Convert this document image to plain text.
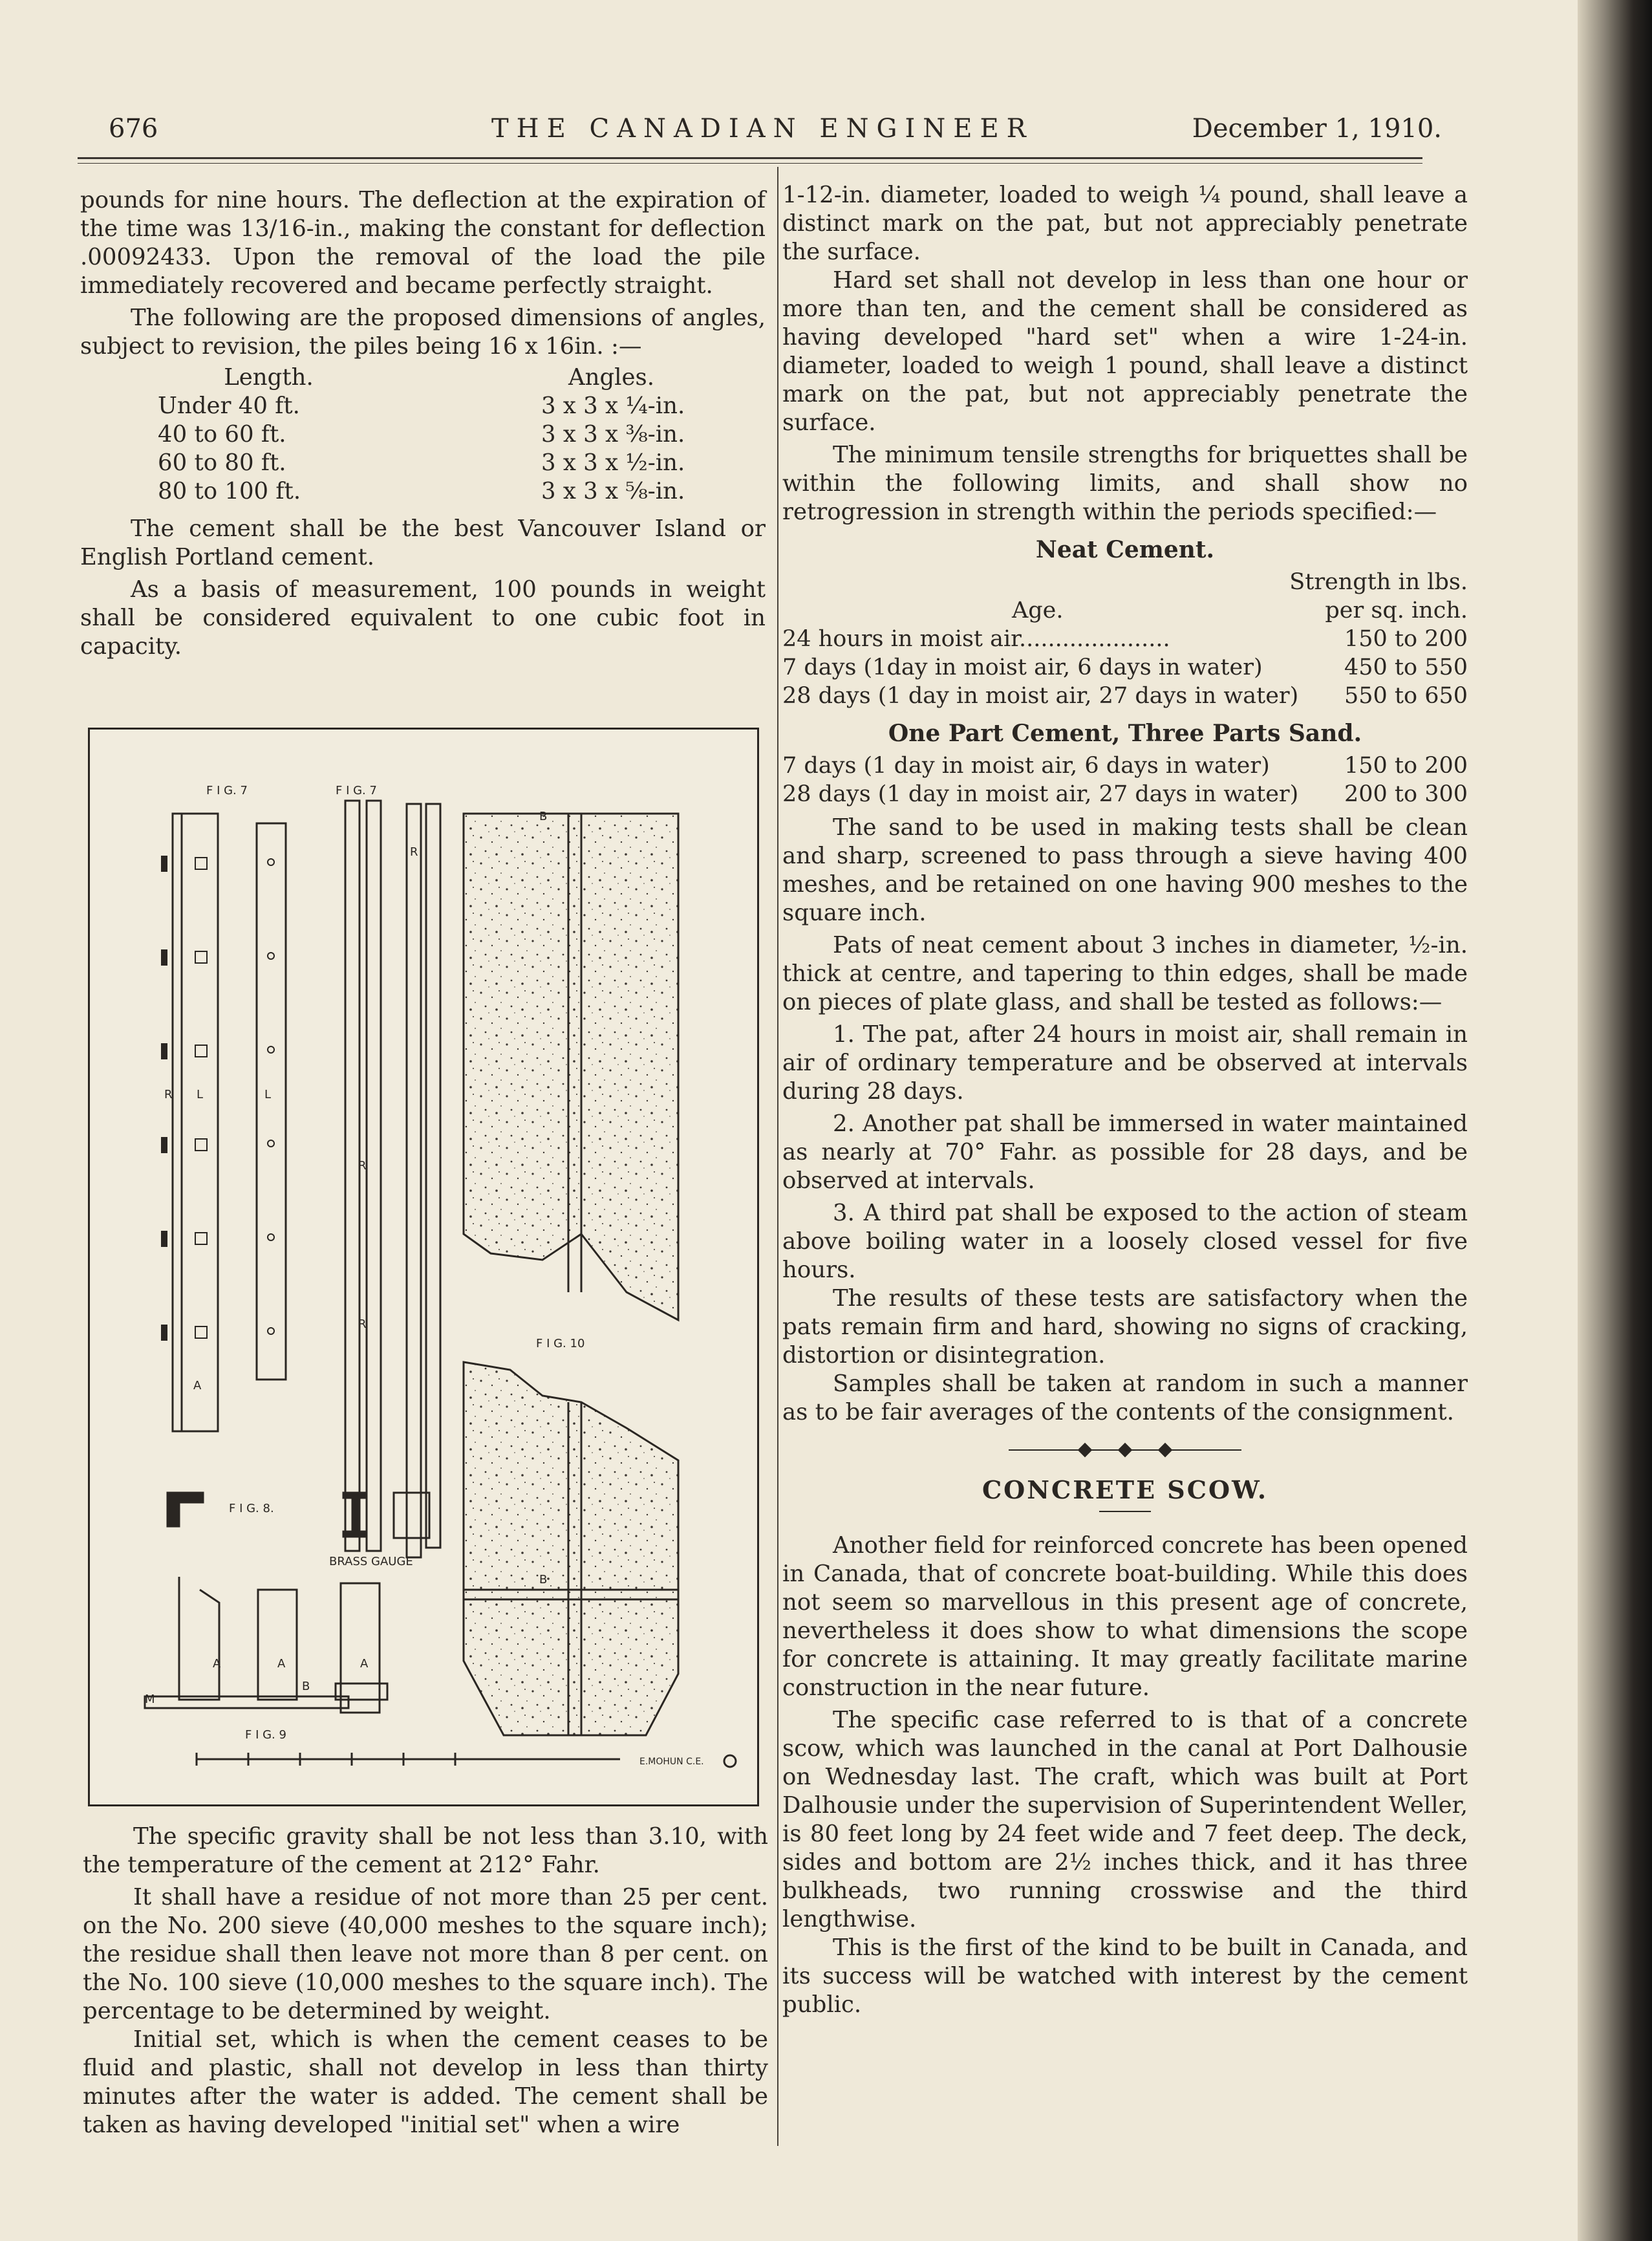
676	THE CANADIAN ENGINEER	December 1, 1910.

pounds for nine hours. The deflection at the expiration of the time was 13/16-in., making the constant for deflection .00092433. Upon the removal of the load the pile immediately recovered and became perfectly straight.

The following are the proposed dimensions of angles, subject to revision, the piles being 16 x 16in. :—

Length.	Angles.
Under 40 ft.	3 x 3 x ¼-in.
40 to 60 ft.	3 x 3 x ⅜-in.
60 to 80 ft.	3 x 3 x ½-in.
80 to 100 ft.	3 x 3 x ⅝-in.

The cement shall be the best Vancouver Island or English Portland cement.

As a basis of measurement, 100 pounds in weight shall be considered equivalent to one cubic foot in capacity.

F I G. 7	F I G. 7
F I G. 8.
F I G. 9
F I G. 10
BRASS GAUGE
E.MOHUN C.E.
R L	L
A
R
R
R
A	A	A
B
M
B
B

The specific gravity shall be not less than 3.10, with the temperature of the cement at 212° Fahr.

It shall have a residue of not more than 25 per cent. on the No. 200 sieve (40,000 meshes to the square inch); the residue shall then leave not more than 8 per cent. on the No. 100 sieve (10,000 meshes to the square inch). The percentage to be determined by weight.

Initial set, which is when the cement ceases to be fluid and plastic, shall not develop in less than thirty minutes after the water is added. The cement shall be taken as having developed "initial set" when a wire

1-12-in. diameter, loaded to weigh ¼ pound, shall leave a distinct mark on the pat, but not appreciably penetrate the surface.

Hard set shall not develop in less than one hour or more than ten, and the cement shall be considered as having developed "hard set" when a wire 1-24-in. diameter, loaded to weigh 1 pound, shall leave a distinct mark on the pat, but not appreciably penetrate the surface.

The minimum tensile strengths for briquettes shall be within the following limits, and shall show no retrogression in strength within the periods specified:—

Neat Cement.

	Strength in lbs.
Age.	per sq. inch.
24 hours in moist air.....................	150 to 200
7 days (1day in moist air, 6 days in water)	450 to 550
28 days (1 day in moist air, 27 days in water)	550 to 650

One Part Cement, Three Parts Sand.

7 days (1 day in moist air, 6 days in water)	150 to 200
28 days (1 day in moist air, 27 days in water)	200 to 300

The sand to be used in making tests shall be clean and sharp, screened to pass through a sieve having 400 meshes, and be retained on one having 900 meshes to the square inch.

Pats of neat cement about 3 inches in diameter, ½-in. thick at centre, and tapering to thin edges, shall be made on pieces of plate glass, and shall be tested as follows:—

1. The pat, after 24 hours in moist air, shall remain in air of ordinary temperature and be observed at intervals during 28 days.

2. Another pat shall be immersed in water maintained as nearly at 70° Fahr. as possible for 28 days, and be observed at intervals.

3. A third pat shall be exposed to the action of steam above boiling water in a loosely closed vessel for five hours.

The results of these tests are satisfactory when the pats remain firm and hard, showing no signs of cracking, distortion or disintegration.

Samples shall be taken at random in such a manner as to be fair averages of the contents of the consignment.

CONCRETE SCOW.

Another field for reinforced concrete has been opened in Canada, that of concrete boat-building. While this does not seem so marvellous in this present age of concrete, nevertheless it does show to what dimensions the scope for concrete is attaining. It may greatly facilitate marine construction in the near future.

The specific case referred to is that of a concrete scow, which was launched in the canal at Port Dalhousie on Wednesday last. The craft, which was built at Port Dalhousie under the supervision of Superintendent Weller, is 80 feet long by 24 feet wide and 7 feet deep. The deck, sides and bottom are 2½ inches thick, and it has three bulkheads, two running crosswise and the third lengthwise.

This is the first of the kind to be built in Canada, and its success will be watched with interest by the cement public.
